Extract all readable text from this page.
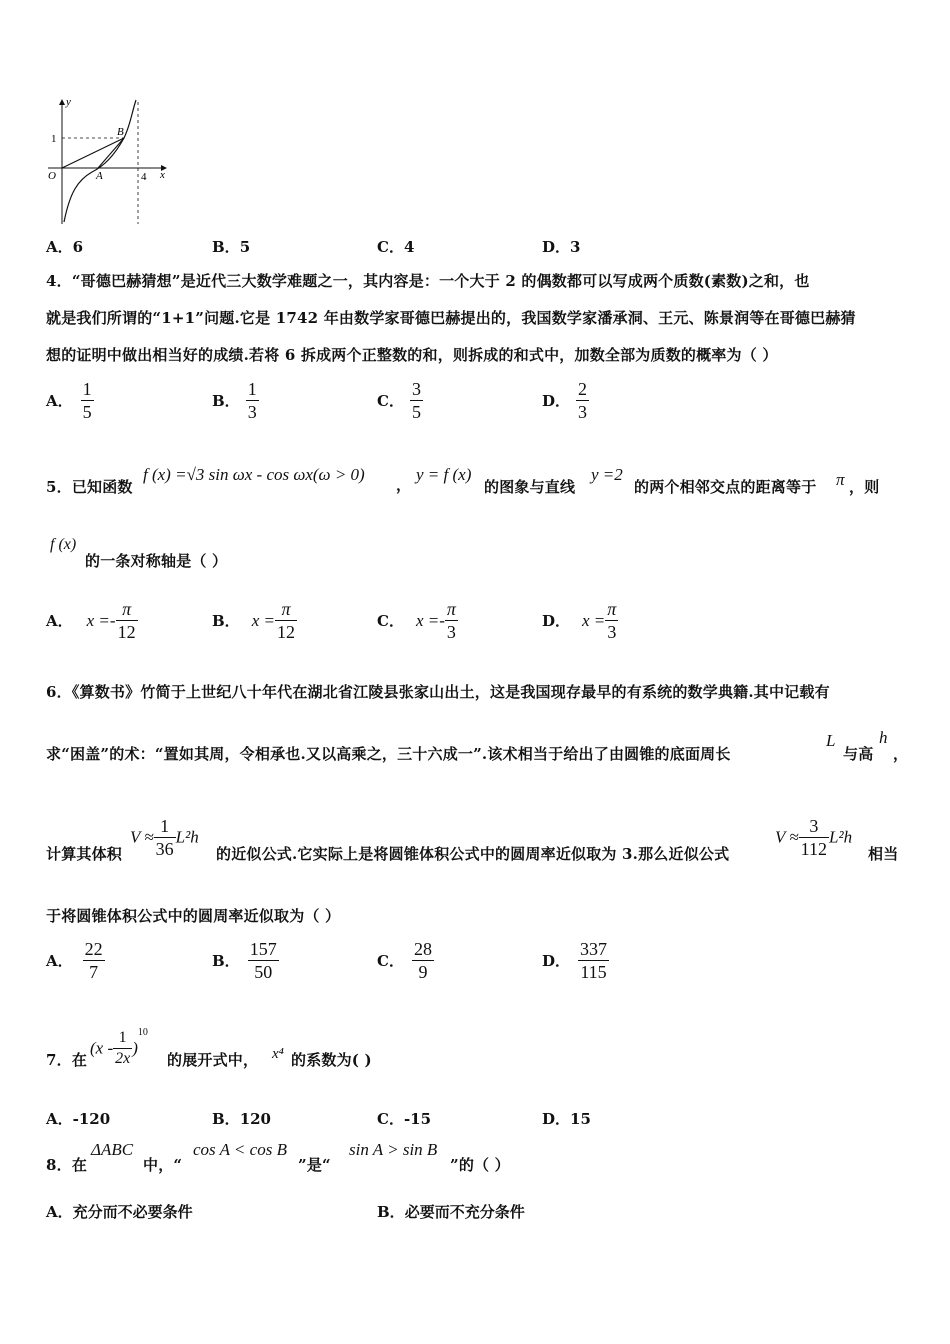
y
x
O
1
4
A
B
A．6	B．5	C．4	D．3
4．“哥德巴赫猜想”是近代三大数学难题之一，其内容是：一个大于 2 的偶数都可以写成两个质数(素数)之和，也
就是我们所谓的“1+1”问题.它是 1742 年由数学家哥德巴赫提出的，我国数学家潘承洞、王元、陈景润等在哥德巴赫猜
想的证明中做出相当好的成绩.若将 6 拆成两个正整数的和，则拆成的和式中，加数全部为质数的概率为（ ）
A． $\frac{1}{5}$	B． $\frac{1}{3}$	C． $\frac{3}{5}$	D． $\frac{2}{3}$
5．已知函数
f (x) =√3 sin ωx - cos ωx(ω > 0)
，
y = f (x)
的图象与直线
y =2
的两个相邻交点的距离等于 π ，则
f (x)
的一条对称轴是（ ）
A． $x =- \frac{\pi}{12}$	B． $x = \frac{\pi}{12}$	C． $x =- \frac{\pi}{3}$	D． $x = \frac{\pi}{3}$
6．《算数书》竹简于上世纪八十年代在湖北省江陵县张家山出土，这是我国现存最早的有系统的数学典籍.其中记载有
求“困盖”的术：“置如其周，令相承也.又以高乘之，三十六成一”.该术相当于给出了由圆锥的底面周长
L
与高
h
，
计算其体积
$V \approx \frac{1}{36} L^2h$
的近似公式.它实际上是将圆锥体积公式中的圆周率近似取为 3.那么近似公式
$V \approx \frac{3}{112} L^2h$
相当
于将圆锥体积公式中的圆周率近似取为（ ）
A． $\frac{22}{7}$	B． $\frac{157}{50}$	C． $\frac{28}{9}$	D． $\frac{337}{115}$
7．在
$(x - \frac{1}{2x} )^{10}$
的展开式中， x⁴ 的系数为( )
A．-120	B．120	C．-15	D．15
8．在
ΔABC
中，“
cos A < cos B
”是“
sin A > sin B
”的（ ）
A．充分而不必要条件	B．必要而不充分条件
